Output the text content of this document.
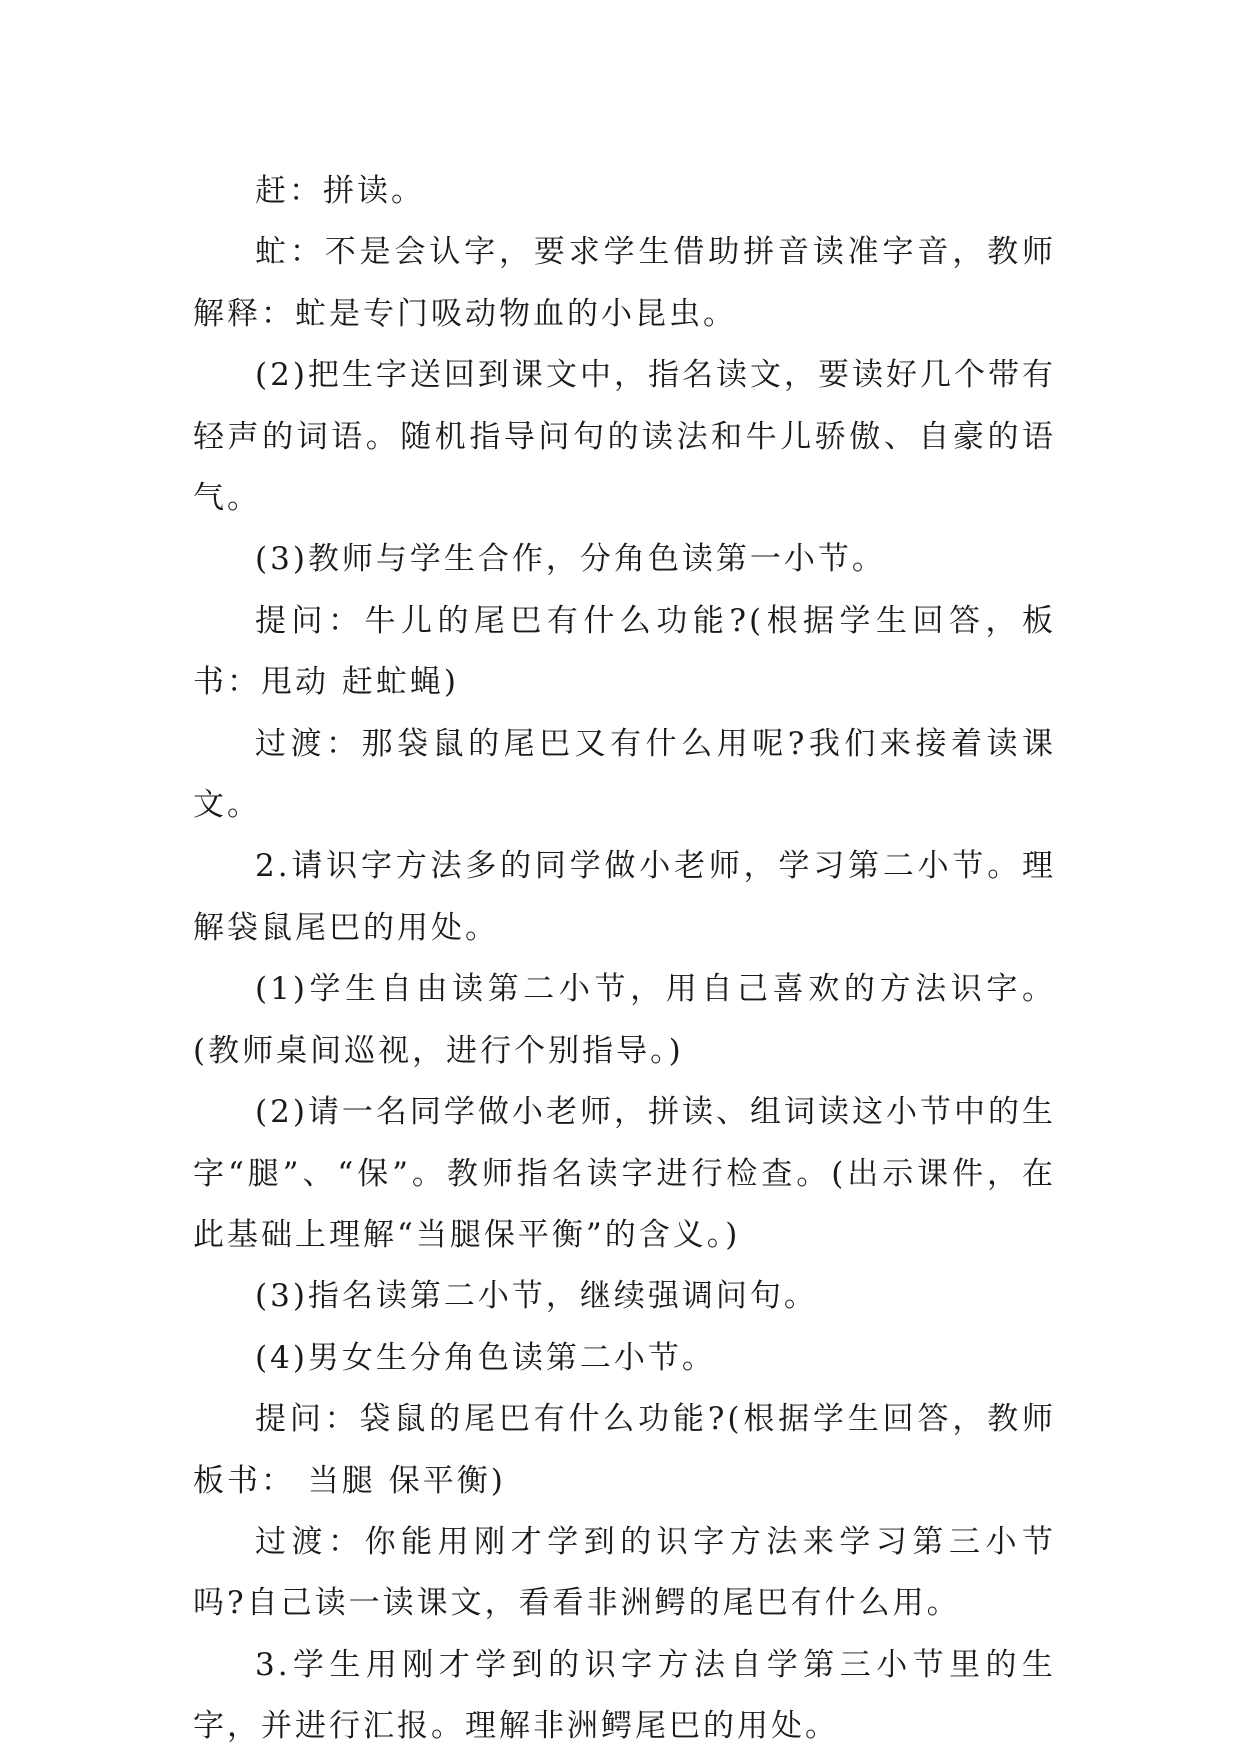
赶：拼读。

虻：不是会认字，要求学生借助拼音读准字音，教师解释：虻是专门吸动物血的小昆虫。

(2)把生字送回到课文中，指名读文，要读好几个带有轻声的词语。随机指导问句的读法和牛儿骄傲、自豪的语气。

(3)教师与学生合作，分角色读第一小节。

提问：牛儿的尾巴有什么功能?(根据学生回答，板书：甩动 赶虻蝇)

过渡：那袋鼠的尾巴又有什么用呢?我们来接着读课文。

2.请识字方法多的同学做小老师，学习第二小节。理解袋鼠尾巴的用处。

(1)学生自由读第二小节，用自己喜欢的方法识字。(教师桌间巡视，进行个别指导。)

(2)请一名同学做小老师，拼读、组词读这小节中的生字“腿”、“保”。教师指名读字进行检查。(出示课件，在此基础上理解“当腿保平衡”的含义。)

(3)指名读第二小节，继续强调问句。

(4)男女生分角色读第二小节。

提问：袋鼠的尾巴有什么功能?(根据学生回答，教师板书： 当腿 保平衡)

过渡：你能用刚才学到的识字方法来学习第三小节吗?自己读一读课文，看看非洲鳄的尾巴有什么用。

3.学生用刚才学到的识字方法自学第三小节里的生字，并进行汇报。理解非洲鳄尾巴的用处。
